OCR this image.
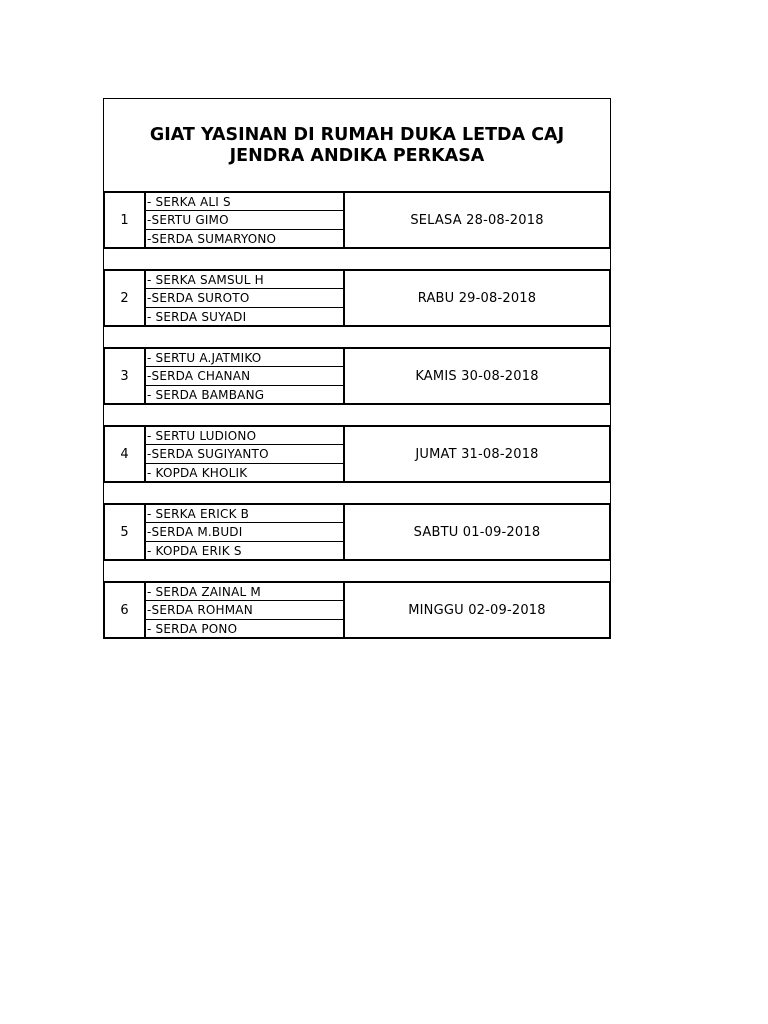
GIAT YASINAN DI RUMAH DUKA LETDA CAJ
JENDRA ANDIKA PERKASA
1
- SERKA ALI S
-SERTU GIMO
-SERDA SUMARYONO
SELASA 28-08-2018
2
- SERKA SAMSUL H
-SERDA SUROTO
- SERDA SUYADI
RABU 29-08-2018
3
- SERTU A.JATMIKO
-SERDA CHANAN
- SERDA BAMBANG
KAMIS 30-08-2018
4
- SERTU LUDIONO
-SERDA SUGIYANTO
- KOPDA KHOLIK
JUMAT 31-08-2018
5
- SERKA ERICK B
-SERDA M.BUDI
- KOPDA ERIK S
SABTU 01-09-2018
6
- SERDA ZAINAL M
-SERDA ROHMAN
- SERDA PONO
MINGGU 02-09-2018
